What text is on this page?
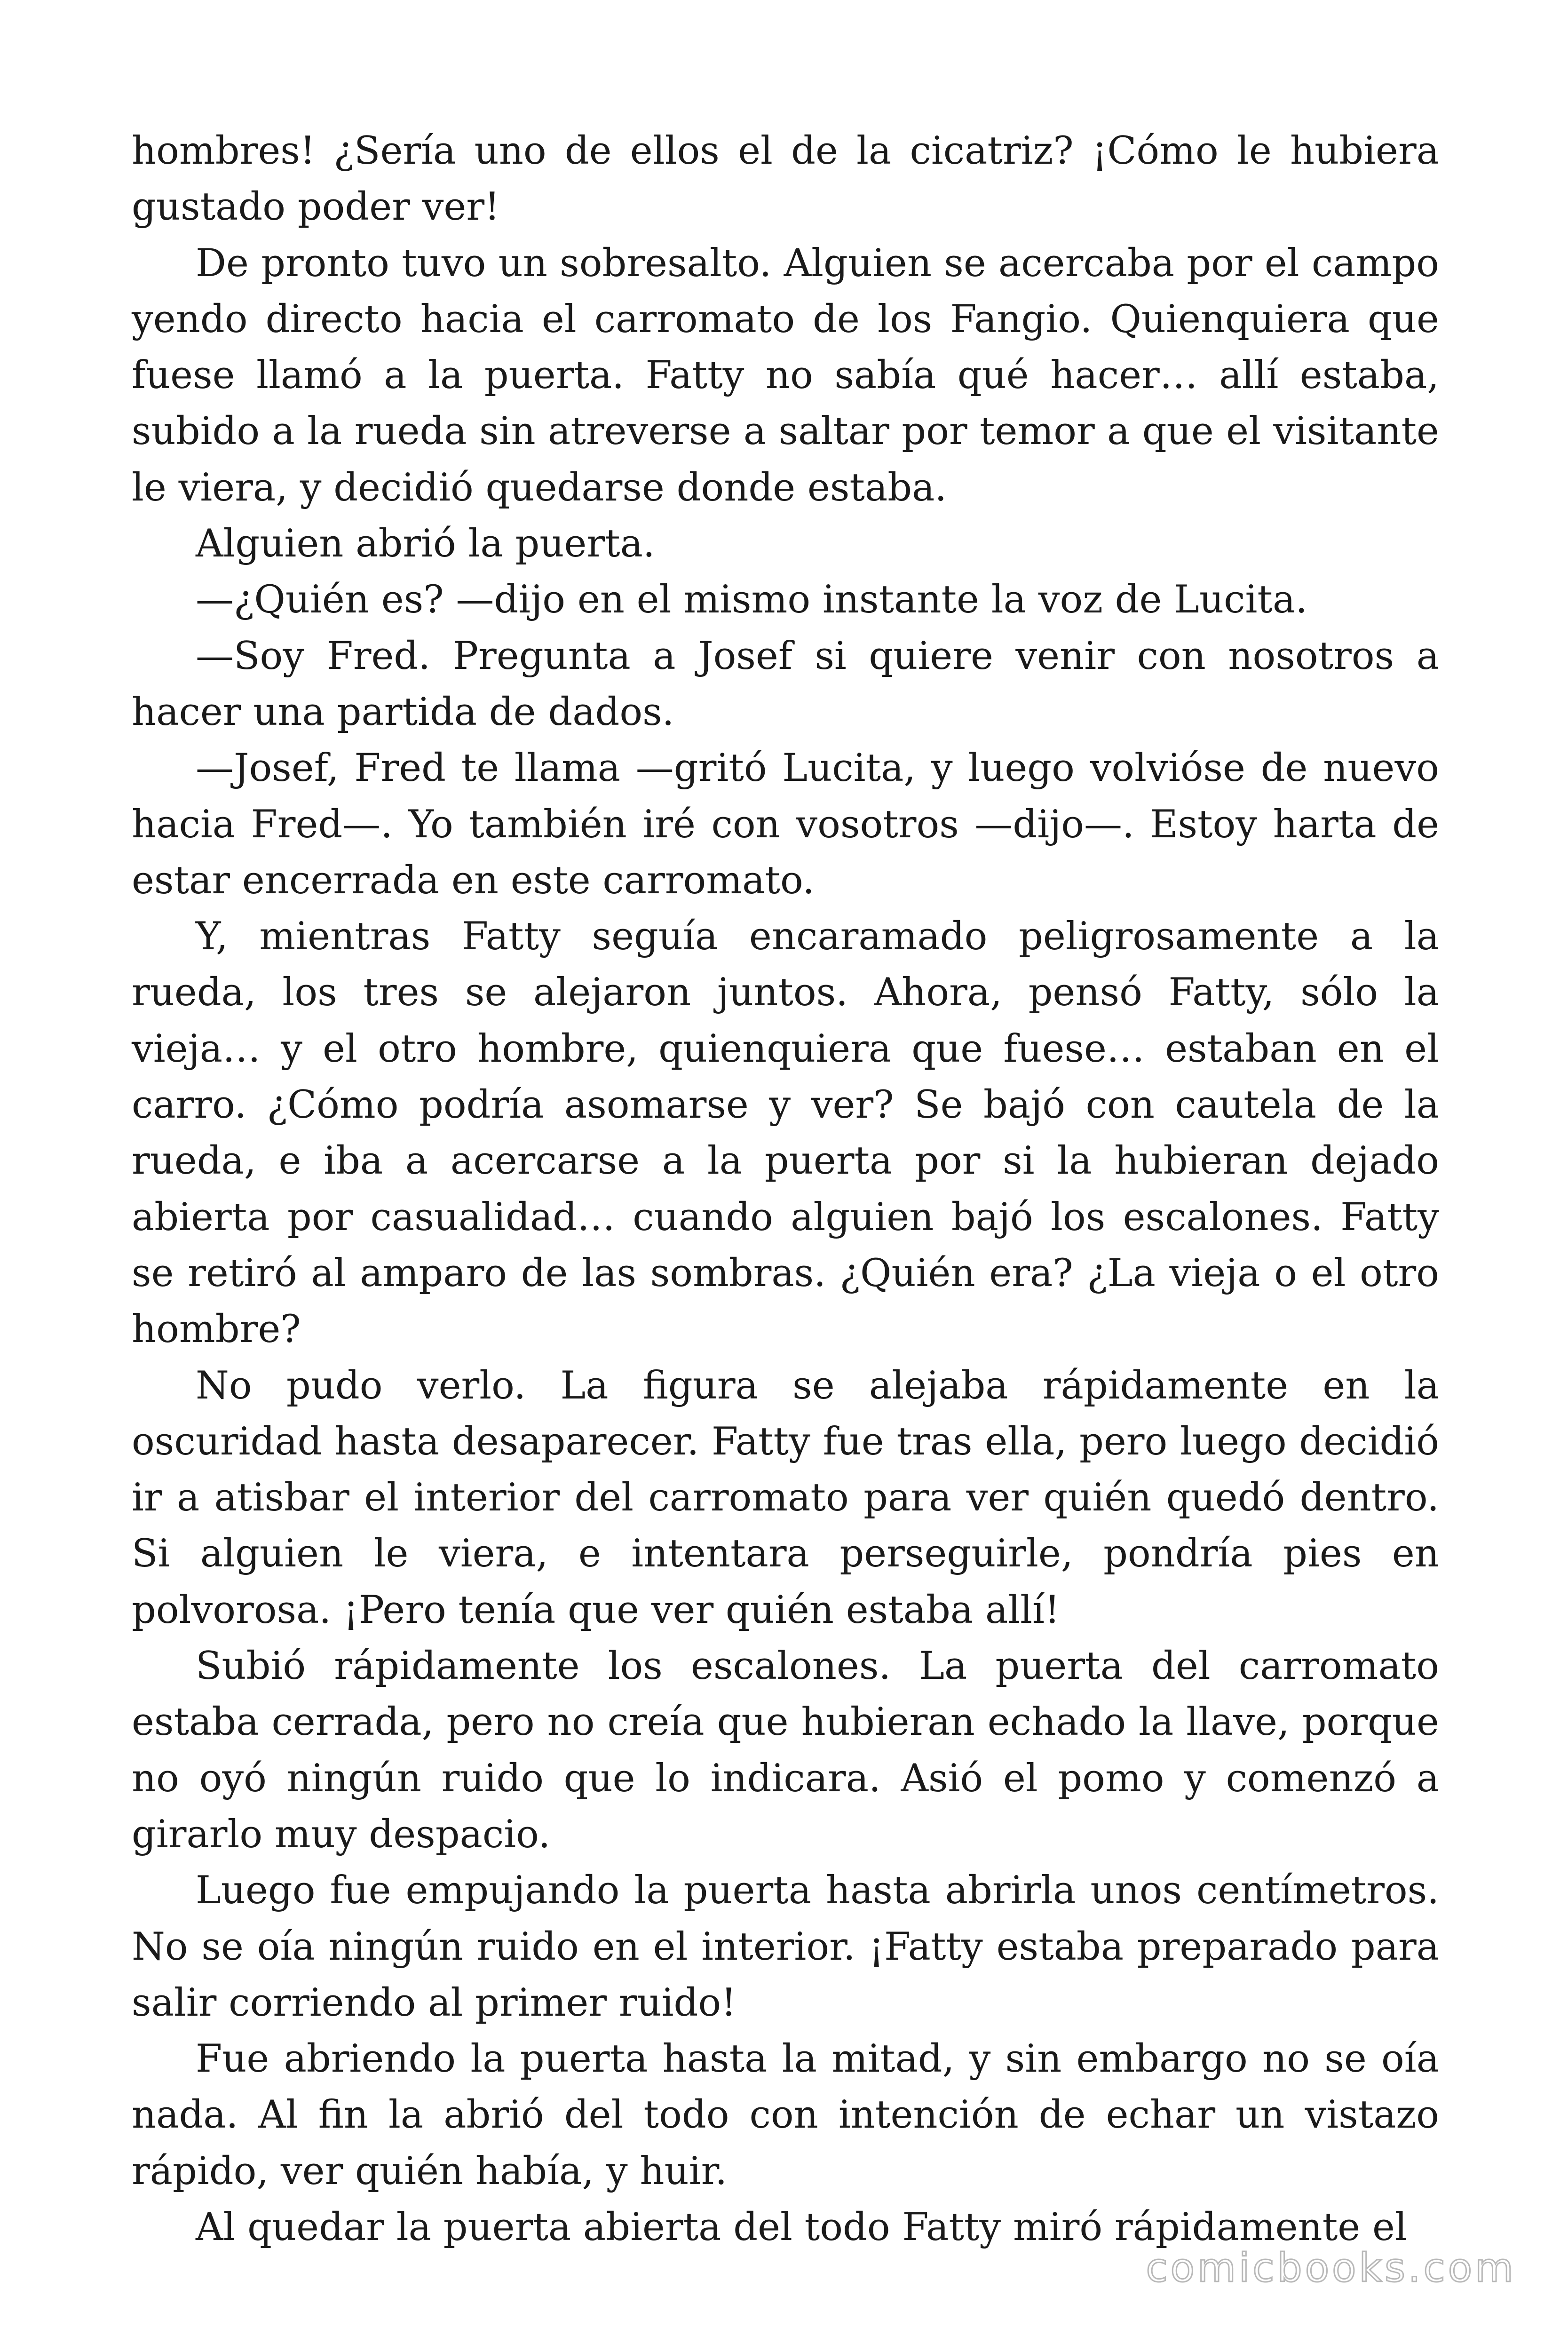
hombres! ¿Sería uno de ellos el de la cicatriz? ¡Cómo le hubiera gustado poder ver!

De pronto tuvo un sobresalto. Alguien se acercaba por el campo yendo directo hacia el carromato de los Fangio. Quienquiera que fuese llamó a la puerta. Fatty no sabía qué hacer… allí estaba, subido a la rueda sin atreverse a saltar por temor a que el visitante le viera, y decidió quedarse donde estaba.

Alguien abrió la puerta.

—¿Quién es? —dijo en el mismo instante la voz de Lucita.

—Soy Fred. Pregunta a Josef si quiere venir con nosotros a hacer una partida de dados.

—Josef, Fred te llama —gritó Lucita, y luego volvióse de nuevo hacia Fred—. Yo también iré con vosotros —dijo—. Estoy harta de estar encerrada en este carromato.

Y, mientras Fatty seguía encaramado peligrosamente a la rueda, los tres se alejaron juntos. Ahora, pensó Fatty, sólo la vieja… y el otro hombre, quienquiera que fuese… estaban en el carro. ¿Cómo podría asomarse y ver? Se bajó con cautela de la rueda, e iba a acercarse a la puerta por si la hubieran dejado abierta por casualidad… cuando alguien bajó los escalones. Fatty se retiró al amparo de las sombras. ¿Quién era? ¿La vieja o el otro hombre?

No pudo verlo. La figura se alejaba rápidamente en la oscuridad hasta desaparecer. Fatty fue tras ella, pero luego decidió ir a atisbar el interior del carromato para ver quién quedó dentro. Si alguien le viera, e intentara perseguirle, pondría pies en polvorosa. ¡Pero tenía que ver quién estaba allí!

Subió rápidamente los escalones. La puerta del carromato estaba cerrada, pero no creía que hubieran echado la llave, porque no oyó ningún ruido que lo indicara. Asió el pomo y comenzó a girarlo muy despacio.

Luego fue empujando la puerta hasta abrirla unos centímetros. No se oía ningún ruido en el interior. ¡Fatty estaba preparado para salir corriendo al primer ruido!

Fue abriendo la puerta hasta la mitad, y sin embargo no se oía nada. Al fin la abrió del todo con intención de echar un vistazo rápido, ver quién había, y huir.

Al quedar la puerta abierta del todo Fatty miró rápidamente el

comicbooks.com
